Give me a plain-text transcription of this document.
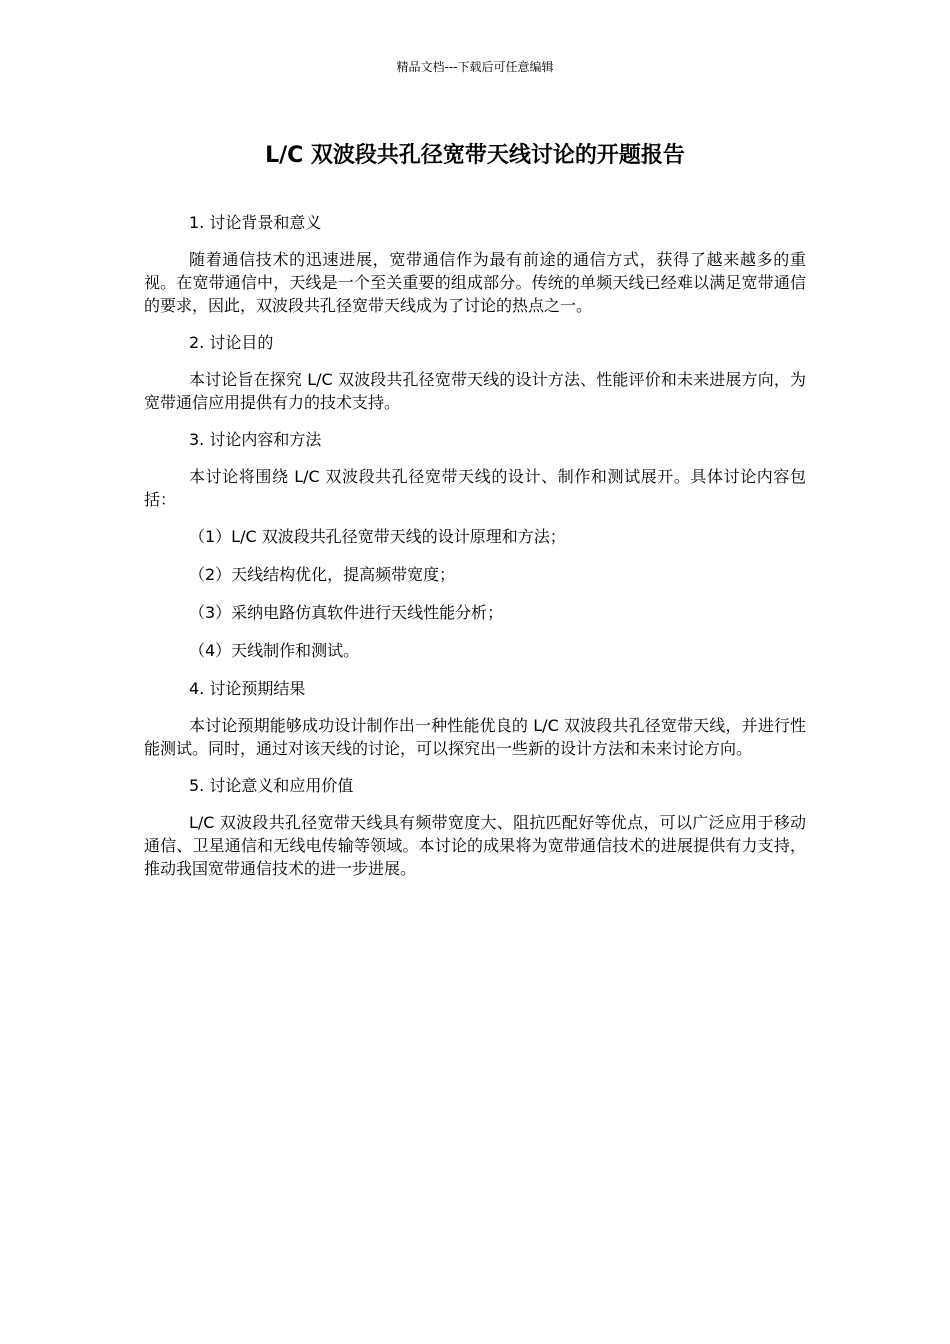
精品文档---下载后可任意编辑
L/C 双波段共孔径宽带天线讨论的开题报告

1. 讨论背景和意义

随着通信技术的迅速进展，宽带通信作为最有前途的通信方式，获得了越来越多的重视。在宽带通信中，天线是一个至关重要的组成部分。传统的单频天线已经难以满足宽带通信的要求，因此，双波段共孔径宽带天线成为了讨论的热点之一。

2. 讨论目的

本讨论旨在探究 L/C 双波段共孔径宽带天线的设计方法、性能评价和未来进展方向，为宽带通信应用提供有力的技术支持。

3. 讨论内容和方法

本讨论将围绕 L/C 双波段共孔径宽带天线的设计、制作和测试展开。具体讨论内容包括：

（1）L/C 双波段共孔径宽带天线的设计原理和方法；

（2）天线结构优化，提高频带宽度；

（3）采纳电路仿真软件进行天线性能分析；

（4）天线制作和测试。

4. 讨论预期结果

本讨论预期能够成功设计制作出一种性能优良的 L/C 双波段共孔径宽带天线，并进行性能测试。同时，通过对该天线的讨论，可以探究出一些新的设计方法和未来讨论方向。

5. 讨论意义和应用价值

L/C 双波段共孔径宽带天线具有频带宽度大、阻抗匹配好等优点，可以广泛应用于移动通信、卫星通信和无线电传输等领域。本讨论的成果将为宽带通信技术的进展提供有力支持，推动我国宽带通信技术的进一步进展。
